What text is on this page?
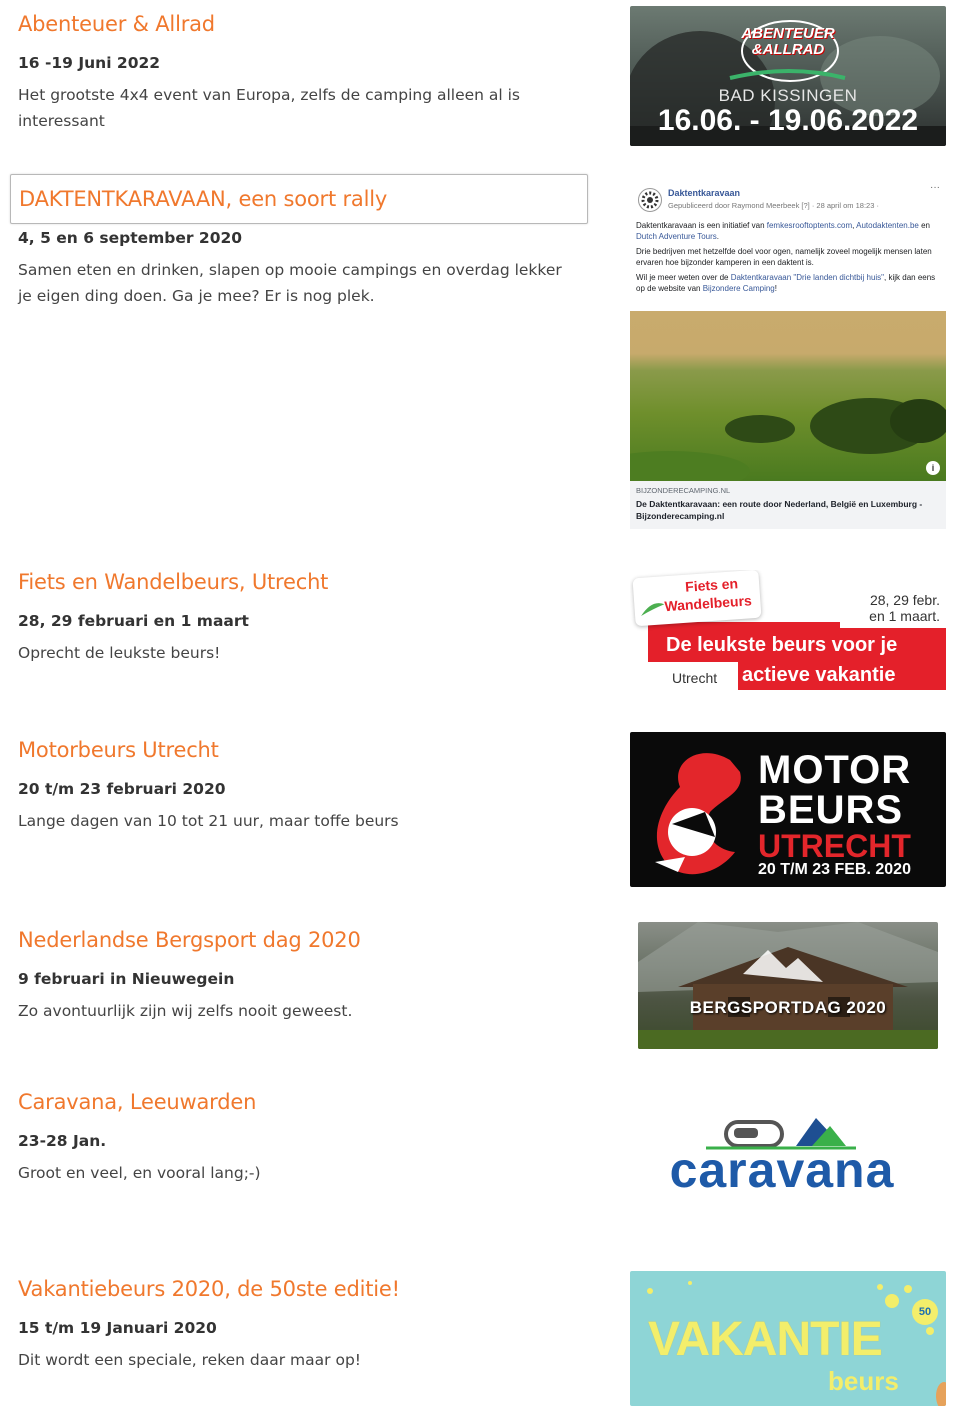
Abenteuer & Allrad
16 -19 Juni 2022
Het grootste 4x4 event van Europa, zelfs de camping alleen al is interessant
ABENTEUER
&ALLRAD
BAD KISSINGEN
16.06. - 19.06.2022
DAKTENTKARAVAAN, een soort rally
4, 5 en 6 september 2020
Samen eten en drinken, slapen op mooie campings en overdag lekker je eigen ding doen. Ga je mee? Er is nog plek.
Daktentkaravaan
Gepubliceerd door Raymond Meerbeek [?] · 28 april om 18:23 ·
···
Daktentkaravaan is een initiatief van femkesrooftoptents.com, Autodaktenten.be en Dutch Adventure Tours.
Drie bedrijven met hetzelfde doel voor ogen, namelijk zoveel mogelijk mensen laten ervaren hoe bijzonder kamperen in een daktent is.
Wil je meer weten over de Daktentkaravaan "Drie landen dichtbij huis", kijk dan eens op de website van Bijzondere Camping!
i
BIJZONDERECAMPING.NL
De Daktentkaravaan: een route door Nederland, België en Luxemburg - Bijzonderecamping.nl
Fiets en Wandelbeurs, Utrecht
28, 29 februari en 1 maart
Oprecht de leukste beurs!
Fiets en
Wandelbeurs	28, 29 febr.
en 1 maart.
De leukste beurs voor je
actieve vakantie
Utrecht
Motorbeurs Utrecht
20 t/m 23 februari 2020
Lange dagen van 10 tot 21 uur, maar toffe beurs
MOTOR
BEURS
UTRECHT
20 T/M 23 FEB. 2020
Nederlandse Bergsport dag 2020
9 februari in Nieuwegein
Zo avontuurlijk zijn wij zelfs nooit geweest.	BERGSPORTDAG 2020
Caravana, Leeuwarden
23-28 Jan.
Groot en veel, en vooral lang;-)	caravana
Vakantiebeurs 2020, de 50ste editie!
15 t/m 19 Januari 2020
Dit wordt een speciale, reken daar maar op!
50
VAKANTIE
beurs
